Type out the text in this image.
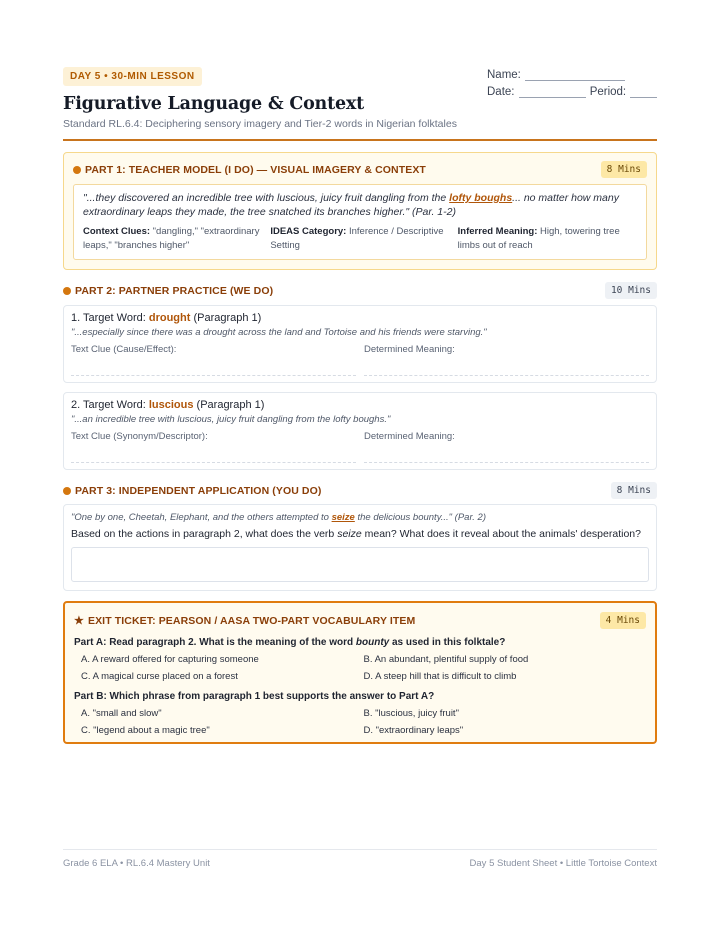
Name:
Date:	Period:
DAY 5 • 30-MIN LESSON
Figurative Language & Context
Standard RL.6.4: Deciphering sensory imagery and Tier-2 words in Nigerian folktales
PART 1: TEACHER MODEL (I DO) — VISUAL IMAGERY & CONTEXT	8 Mins
"...they discovered an incredible tree with luscious, juicy fruit dangling from the lofty boughs... no matter how many extraordinary leaps they made, the tree snatched its branches higher." (Par. 1-2)
Context Clues: "dangling," "extraordinary leaps," "branches higher"
IDEAS Category: Inference / Descriptive Setting
Inferred Meaning: High, towering tree limbs out of reach
PART 2: PARTNER PRACTICE (WE DO)	10 Mins
1. Target Word: drought (Paragraph 1)
"...especially since there was a drought across the land and Tortoise and his friends were starving."
Text Clue (Cause/Effect):	Determined Meaning:
2. Target Word: luscious (Paragraph 1)
"...an incredible tree with luscious, juicy fruit dangling from the lofty boughs."
Text Clue (Synonym/Descriptor):	Determined Meaning:
PART 3: INDEPENDENT APPLICATION (YOU DO)	8 Mins
"One by one, Cheetah, Elephant, and the others attempted to seize the delicious bounty..." (Par. 2)
Based on the actions in paragraph 2, what does the verb seize mean? What does it reveal about the animals' desperation?
★ EXIT TICKET: PEARSON / AASA TWO-PART VOCABULARY ITEM	4 Mins
Part A: Read paragraph 2. What is the meaning of the word bounty as used in this folktale?
A. A reward offered for capturing someone	B. An abundant, plentiful supply of food
C. A magical curse placed on a forest	D. A steep hill that is difficult to climb
Part B: Which phrase from paragraph 1 best supports the answer to Part A?
A. "small and slow"	B. "luscious, juicy fruit"
C. "legend about a magic tree"	D. "extraordinary leaps"
Grade 6 ELA • RL.6.4 Mastery Unit	Day 5 Student Sheet • Little Tortoise Context
